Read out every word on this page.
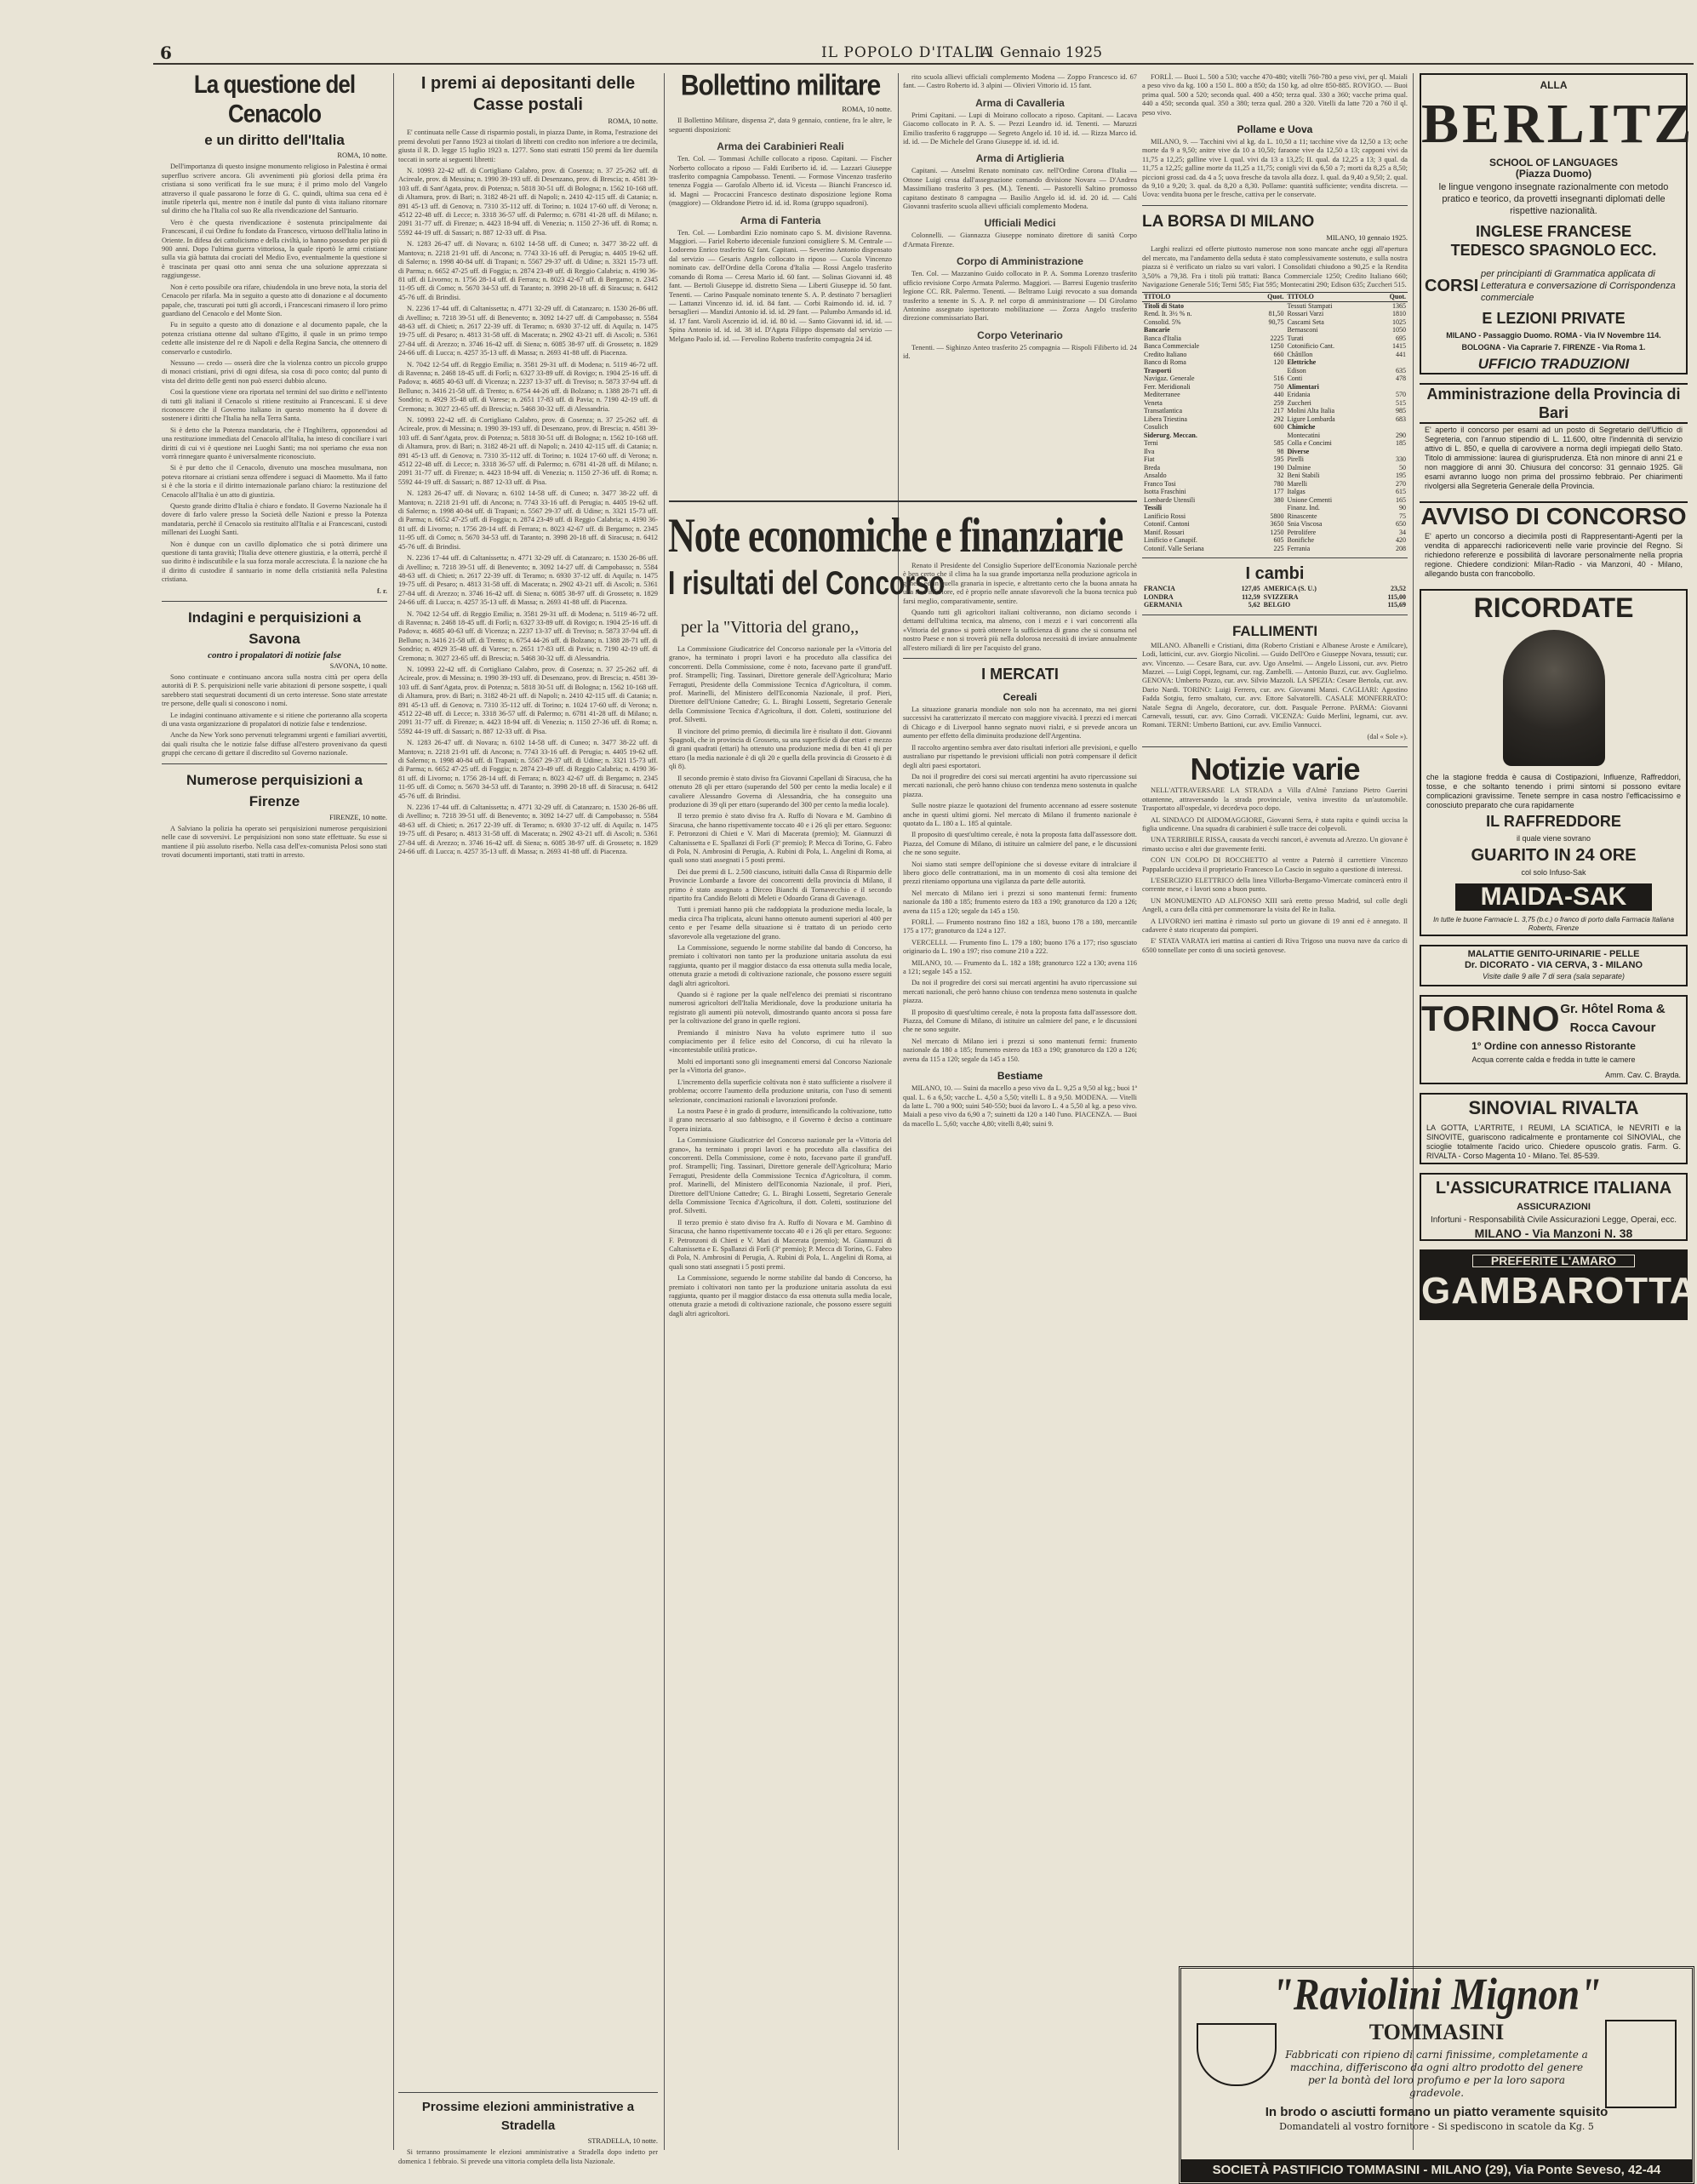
6	IL POPOLO D'ITALIA
11 Gennaio 1925
La questione del Cenacolo
e un diritto dell'Italia
ROMA, 10 notte.

Dell'importanza di questo insigne monumento religioso in Palestina è ormai superfluo scrivere ancora. Gli avvenimenti più gloriosi della prima èra cristiana si sono verificati fra le sue mura; è il primo molo del Vangelo attraverso il quale passarono le forze di G. C. quindi, ultima sua cena ed è inutile ripeterla qui, mentre non è inutile dal punto di vista italiano ritornare sul diritto che ha l'Italia col suo Re alla rivendicazione del Santuario.

Vero è che questa rivendicazione è sostenuta principalmente dai Francescani, il cui Ordine fu fondato da Francesco, virtuoso dell'Italia latino in Oriente. In difesa dei cattolicismo e della civiltà, io hanno posseduto per più di 900 anni. Dopo l'ultima guerra vittoriosa, la quale riportò le armi cristiane sulla via già battuta dai crociati del Medio Evo, eventualmente la questione si è trascinata per quasi otto anni senza che una soluzione apprezzata si raggiungesse.

Non è certo possibile ora rifare, chiudendola in uno breve nota, la storia del Cenacolo per rifarla. Ma in seguito a questo atto di donazione e al documento papale, che, trascurati poi tutti gli accordi, i Francescani rimasero il loro primo guardiano del Cenacolo e del Monte Sion.

Fu in seguito a questo atto di donazione e al documento papale, che la potenza cristiana ottenne dal sultano d'Egitto, il quale in un primo tempo cedette alle insistenze del re di Napoli e della Regina Sancia, che ottennero di conservarlo e custodirlo.

Nessuno — credo — osserà dire che la violenza contro un piccolo gruppo di monaci cristiani, privi di ogni difesa, sia cosa di poco conto; dal punto di vista del diritto delle genti non può esserci dubbio alcuno.

Così la questione viene ora riportata nel termini del suo diritto e nell'intento di tutti gli italiani il Cenacolo si ritiene restituito ai Francescani. E si deve riconoscere che il Governo italiano in questo momento ha il dovere di sostenere i diritti che l'Italia ha nella Terra Santa.

Si è detto che la Potenza mandataria, che è l'Inghilterra, opponendosi ad una restituzione immediata del Cenacolo all'Italia, ha inteso di conciliare i vari diritti di cui vi è questione nei Luoghi Santi; ma noi speriamo che essa non vorrà rinnegare quanto è universalmente riconosciuto.

Si è pur detto che il Cenacolo, divenuto una moschea musulmana, non poteva ritornare ai cristiani senza offendere i seguaci di Maometto. Ma il fatto si è che la storia e il diritto internazionale parlano chiaro: la restituzione del Cenacolo all'Italia è un atto di giustizia.

Questo grande diritto d'Italia è chiaro e fondato. Il Governo Nazionale ha il dovere di farlo valere presso la Società delle Nazioni e presso la Potenza mandataria, perchè il Cenacolo sia restituito all'Italia e ai Francescani, custodi millenari dei Luoghi Santi.

Non è dunque con un cavillo diplomatico che si potrà dirimere una questione di tanta gravità; l'Italia deve ottenere giustizia, e la otterrà, perchè il suo diritto è indiscutibile e la sua forza morale accresciuta. È la nazione che ha il diritto di custodire il santuario in nome della cristianità nella Palestina cristiana.

f. r.
Indagini e perquisizioni a Savona
contro i propalatori di notizie false
SAVONA, 10 notte.

Sono continuate e continuano ancora sulla nostra città per opera della autorità di P. S. perquisizioni nelle varie abitazioni di persone sospette, i quali sarebbero stati sequestrati documenti di un certo interesse. Sono state arrestate tre persone, delle quali si conoscono i nomi.

Le indagini continuano attivamente e si ritiene che porteranno alla scoperta di una vasta organizzazione di propalatori di notizie false e tendenziose.

Anche da New York sono pervenuti telegrammi urgenti e familiari avvertiti, dai quali risulta che le notizie false diffuse all'estero provenivano da questi gruppi che cercano di gettare il discredito sul Governo nazionale.

Numerose perquisizioni a Firenze
FIRENZE, 10 notte.

A Salviano la polizia ha operato sei perquisizioni numerose perquisizioni nelle case di sovversivi. Le perquisizioni non sono state effettuate. Su esse si mantiene il più assoluto riserbo. Nella casa dell'ex-comunista Pelosi sono stati trovati documenti importanti, stati tratti in arresto.

I premi ai depositanti delle Casse postali
ROMA, 10 notte.

E' continuata nelle Casse di risparmio postali, in piazza Dante, in Roma, l'estrazione dei premi devoluti per l'anno 1923 ai titolari di libretti con credito non inferiore a tre decimila, giusta il R. D. legge 15 luglio 1923 n. 1277. Sono stati estratti 150 premi da lire duemila toccati in sorte ai seguenti libretti:

N. 10993 22-42 uff. di Cortigliano Calabro, prov. di Cosenza; n. 37 25-262 uff. di Acireale, prov. di Messina; n. 1990 39-193 uff. di Desenzano, prov. di Brescia; n. 4581 39-103 uff. di Sant'Agata, prov. di Potenza; n. 5818 30-51 uff. di Bologna; n. 1562 10-168 uff. di Altamura, prov. di Bari; n. 3182 48-21 uff. di Napoli; n. 2410 42-115 uff. di Catania; n. 891 45-13 uff. di Genova; n. 7310 35-112 uff. di Torino; n. 1024 17-60 uff. di Verona; n. 4512 22-48 uff. di Lecce; n. 3318 36-57 uff. di Palermo; n. 6781 41-28 uff. di Milano; n. 2091 31-77 uff. di Firenze; n. 4423 18-94 uff. di Venezia; n. 1150 27-36 uff. di Roma; n. 5592 44-19 uff. di Sassari; n. 887 12-33 uff. di Pisa.

N. 1283 26-47 uff. di Novara; n. 6102 14-58 uff. di Cuneo; n. 3477 38-22 uff. di Mantova; n. 2218 21-91 uff. di Ancona; n. 7743 33-16 uff. di Perugia; n. 4405 19-62 uff. di Salerno; n. 1998 40-84 uff. di Trapani; n. 5567 29-37 uff. di Udine; n. 3321 15-73 uff. di Parma; n. 6652 47-25 uff. di Foggia; n. 2874 23-49 uff. di Reggio Calabria; n. 4190 36-81 uff. di Livorno; n. 1756 28-14 uff. di Ferrara; n. 8023 42-67 uff. di Bergamo; n. 2345 11-95 uff. di Como; n. 5670 34-53 uff. di Taranto; n. 3998 20-18 uff. di Siracusa; n. 6412 45-76 uff. di Brindisi.

N. 2236 17-44 uff. di Caltanissetta; n. 4771 32-29 uff. di Catanzaro; n. 1530 26-86 uff. di Avellino; n. 7218 39-51 uff. di Benevento; n. 3092 14-27 uff. di Campobasso; n. 5584 48-63 uff. di Chieti; n. 2617 22-39 uff. di Teramo; n. 6930 37-12 uff. di Aquila; n. 1475 19-75 uff. di Pesaro; n. 4813 31-58 uff. di Macerata; n. 2902 43-21 uff. di Ascoli; n. 5361 27-84 uff. di Arezzo; n. 3746 16-42 uff. di Siena; n. 6085 38-97 uff. di Grosseto; n. 1829 24-66 uff. di Lucca; n. 4257 35-13 uff. di Massa; n. 2693 41-88 uff. di Piacenza.

N. 7042 12-54 uff. di Reggio Emilia; n. 3581 29-31 uff. di Modena; n. 5119 46-72 uff. di Ravenna; n. 2468 18-45 uff. di Forlì; n. 6327 33-89 uff. di Rovigo; n. 1904 25-16 uff. di Padova; n. 4685 40-63 uff. di Vicenza; n. 2237 13-37 uff. di Treviso; n. 5873 37-94 uff. di Belluno; n. 3416 21-58 uff. di Trento; n. 6754 44-26 uff. di Bolzano; n. 1388 28-71 uff. di Sondrio; n. 4929 35-48 uff. di Varese; n. 2651 17-83 uff. di Pavia; n. 7190 42-19 uff. di Cremona; n. 3027 23-65 uff. di Brescia; n. 5468 30-32 uff. di Alessandria.

N. 10993 22-42 uff. di Cortigliano Calabro, prov. di Cosenza; n. 37 25-262 uff. di Acireale, prov. di Messina; n. 1990 39-193 uff. di Desenzano, prov. di Brescia; n. 4581 39-103 uff. di Sant'Agata, prov. di Potenza; n. 5818 30-51 uff. di Bologna; n. 1562 10-168 uff. di Altamura, prov. di Bari; n. 3182 48-21 uff. di Napoli; n. 2410 42-115 uff. di Catania; n. 891 45-13 uff. di Genova; n. 7310 35-112 uff. di Torino; n. 1024 17-60 uff. di Verona; n. 4512 22-48 uff. di Lecce; n. 3318 36-57 uff. di Palermo; n. 6781 41-28 uff. di Milano; n. 2091 31-77 uff. di Firenze; n. 4423 18-94 uff. di Venezia; n. 1150 27-36 uff. di Roma; n. 5592 44-19 uff. di Sassari; n. 887 12-33 uff. di Pisa.

N. 1283 26-47 uff. di Novara; n. 6102 14-58 uff. di Cuneo; n. 3477 38-22 uff. di Mantova; n. 2218 21-91 uff. di Ancona; n. 7743 33-16 uff. di Perugia; n. 4405 19-62 uff. di Salerno; n. 1998 40-84 uff. di Trapani; n. 5567 29-37 uff. di Udine; n. 3321 15-73 uff. di Parma; n. 6652 47-25 uff. di Foggia; n. 2874 23-49 uff. di Reggio Calabria; n. 4190 36-81 uff. di Livorno; n. 1756 28-14 uff. di Ferrara; n. 8023 42-67 uff. di Bergamo; n. 2345 11-95 uff. di Como; n. 5670 34-53 uff. di Taranto; n. 3998 20-18 uff. di Siracusa; n. 6412 45-76 uff. di Brindisi.

N. 2236 17-44 uff. di Caltanissetta; n. 4771 32-29 uff. di Catanzaro; n. 1530 26-86 uff. di Avellino; n. 7218 39-51 uff. di Benevento; n. 3092 14-27 uff. di Campobasso; n. 5584 48-63 uff. di Chieti; n. 2617 22-39 uff. di Teramo; n. 6930 37-12 uff. di Aquila; n. 1475 19-75 uff. di Pesaro; n. 4813 31-58 uff. di Macerata; n. 2902 43-21 uff. di Ascoli; n. 5361 27-84 uff. di Arezzo; n. 3746 16-42 uff. di Siena; n. 6085 38-97 uff. di Grosseto; n. 1829 24-66 uff. di Lucca; n. 4257 35-13 uff. di Massa; n. 2693 41-88 uff. di Piacenza.

N. 7042 12-54 uff. di Reggio Emilia; n. 3581 29-31 uff. di Modena; n. 5119 46-72 uff. di Ravenna; n. 2468 18-45 uff. di Forlì; n. 6327 33-89 uff. di Rovigo; n. 1904 25-16 uff. di Padova; n. 4685 40-63 uff. di Vicenza; n. 2237 13-37 uff. di Treviso; n. 5873 37-94 uff. di Belluno; n. 3416 21-58 uff. di Trento; n. 6754 44-26 uff. di Bolzano; n. 1388 28-71 uff. di Sondrio; n. 4929 35-48 uff. di Varese; n. 2651 17-83 uff. di Pavia; n. 7190 42-19 uff. di Cremona; n. 3027 23-65 uff. di Brescia; n. 5468 30-32 uff. di Alessandria.

N. 10993 22-42 uff. di Cortigliano Calabro, prov. di Cosenza; n. 37 25-262 uff. di Acireale, prov. di Messina; n. 1990 39-193 uff. di Desenzano, prov. di Brescia; n. 4581 39-103 uff. di Sant'Agata, prov. di Potenza; n. 5818 30-51 uff. di Bologna; n. 1562 10-168 uff. di Altamura, prov. di Bari; n. 3182 48-21 uff. di Napoli; n. 2410 42-115 uff. di Catania; n. 891 45-13 uff. di Genova; n. 7310 35-112 uff. di Torino; n. 1024 17-60 uff. di Verona; n. 4512 22-48 uff. di Lecce; n. 3318 36-57 uff. di Palermo; n. 6781 41-28 uff. di Milano; n. 2091 31-77 uff. di Firenze; n. 4423 18-94 uff. di Venezia; n. 1150 27-36 uff. di Roma; n. 5592 44-19 uff. di Sassari; n. 887 12-33 uff. di Pisa.

N. 1283 26-47 uff. di Novara; n. 6102 14-58 uff. di Cuneo; n. 3477 38-22 uff. di Mantova; n. 2218 21-91 uff. di Ancona; n. 7743 33-16 uff. di Perugia; n. 4405 19-62 uff. di Salerno; n. 1998 40-84 uff. di Trapani; n. 5567 29-37 uff. di Udine; n. 3321 15-73 uff. di Parma; n. 6652 47-25 uff. di Foggia; n. 2874 23-49 uff. di Reggio Calabria; n. 4190 36-81 uff. di Livorno; n. 1756 28-14 uff. di Ferrara; n. 8023 42-67 uff. di Bergamo; n. 2345 11-95 uff. di Como; n. 5670 34-53 uff. di Taranto; n. 3998 20-18 uff. di Siracusa; n. 6412 45-76 uff. di Brindisi.

N. 2236 17-44 uff. di Caltanissetta; n. 4771 32-29 uff. di Catanzaro; n. 1530 26-86 uff. di Avellino; n. 7218 39-51 uff. di Benevento; n. 3092 14-27 uff. di Campobasso; n. 5584 48-63 uff. di Chieti; n. 2617 22-39 uff. di Teramo; n. 6930 37-12 uff. di Aquila; n. 1475 19-75 uff. di Pesaro; n. 4813 31-58 uff. di Macerata; n. 2902 43-21 uff. di Ascoli; n. 5361 27-84 uff. di Arezzo; n. 3746 16-42 uff. di Siena; n. 6085 38-97 uff. di Grosseto; n. 1829 24-66 uff. di Lucca; n. 4257 35-13 uff. di Massa; n. 2693 41-88 uff. di Piacenza.

Prossime elezioni amministrative a Stradella
STRADELLA, 10 notte.

Si terranno prossimamente le elezioni amministrative a Stradella dopo indetto per domenica 1 febbraio. Si prevede una vittoria completa della lista Nazionale.

Bollettino militare
ROMA, 10 notte.

Il Bollettino Militare, dispensa 2ª, data 9 gennaio, contiene, fra le altre, le seguenti disposizioni:

Arma dei Carabinieri Reali

Ten. Col. — Tommasi Achille collocato a riposo. Capitani. — Fischer Norberto collocato a riposo — Faldi Euriberto id. id. — Lazzari Giuseppe trasferito compagnia Campobasso. Tenenti. — Formose Vincenzo trasferito tenenza Foggia — Garofalo Alberto id. id. Vicesta — Bianchi Francesco id. id. Magnì — Procaccini Francesco destinato disposizione legione Roma (maggiore) — Oldrandone Pietro id. id. id. Roma (gruppo squadroni).

Arma di Fanteria

Ten. Col. — Lombardini Ezio nominato capo S. M. divisione Ravenna. Maggiori. — Fariel Roberto ideceniale funzioni consigliere S. M. Centrale — Lodoreno Enrico trasferito 62 fant. Capitani. — Severino Antonio dispensato dal servizio — Gesaris Angelo collocato in riposo — Cucola Vincenzo nominato cav. dell'Ordine della Corona d'Italia — Rossi Angelo trasferito comando di Roma — Ceresa Mario id. 60 fant. — Solinas Giovanni id. 48 fant. — Bertoli Giuseppe id. distretto Siena — Liberti Giuseppe id. 50 fant. Tenenti. — Carino Pasquale nominato tenente S. A. P. destinato 7 bersaglieri — Lattanzi Vincenzo id. id. id. 84 fant. — Corbi Raimondo id. id. id. 7 bersaglieri — Mandizi Antonio id. id. id. 29 fant. — Palumbo Armando id. id. id. 17 fant. Varoli Ascenzio id. id. id. 80 id. — Santo Giovanni id. id. id. — Spina Antonio id. id. id. 38 id. D'Agata Filippo dispensato dal servizio — Melgano Paolo id. id. — Fervolino Roberto trasferito compagnia 24 id.

rito scuola allievi ufficiali complemento Modena — Zoppo Francesco id. 67 fant. — Castro Roberto id. 3 alpini — Olivieri Vittorio id. 15 fant.

Arma di Cavalleria

Primi Capitani. — Lupi di Moirano collocato a riposo. Capitani. — Lacava Giacomo collocato in P. A. S. — Pezzi Leandro id. id. Tenenti. — Maruzzi Emilio trasferito 6 raggruppo — Segreto Angelo id. 10 id. id. — Rizza Marco id. id. id. — De Michele del Grano Giuseppe id. id. id. id.

Arma di Artiglieria

Capitani. — Anselmi Renato nominato cav. nell'Ordine Corona d'Italia — Ottone Luigi cessa dall'assegnazione comando divisione Novara — D'Andrea Massimiliano trasferito 3 pes. (M.). Tenenti. — Pastorelli Saltino promosso capitano destinato 8 campagna — Basilio Angelo id. id. id. 20 id. — Caltì Giovanni trasferito scuola allievi ufficiali complemento Modena.

Ufficiali Medici

Colonnelli. — Giannazza Giuseppe nominato direttore di sanità Corpo d'Armata Firenze.

Corpo di Amministrazione

Ten. Col. — Mazzanino Guido collocato in P. A. Somma Lorenzo trasferito ufficio revisione Corpo Armata Palermo. Maggiori. — Barresi Eugenio trasferito legione CC. RR. Palermo. Tenenti. — Beltramo Luigi revocato a sua domanda trasferito a tenente in S. A. P. nel corpo di amministrazione — DI Girolamo Antonino assegnato ispettorato mobilitazione — Zorza Angelo trasferito direzione commissariato Bari.

Corpo Veterinario

Tenenti. — Sighinzo Anteo trasferito 25 compagnia — Rispoli Filiberto id. 24 id.

Note economiche e finanziarie
I risultati del Concorso
per la "Vittoria del grano,,

La Commissione Giudicatrice del Concorso nazionale per la «Vittoria del grano», ha terminato i propri lavori e ha proceduto alla classifica dei concorrenti. Della Commissione, come è noto, facevano parte il grand'uff. prof. Strampelli; l'ing. Tassinari, Direttore generale dell'Agricoltura; Mario Ferraguti, Presidente della Commissione Tecnica d'Agricoltura, il comm. prof. Marinelli, del Ministero dell'Economia Nazionale, il prof. Pieri, Direttore dell'Unione Cattedre; G. L. Biraghi Lossetti, Segretario Generale della Commissione Tecnica d'Agricoltura, il dott. Coletti, sostituzione del prof. Silvetti.

Il vincitore del primo premio, di diecimila lire è risultato il dott. Giovanni Spagnoli, che in provincia di Grosseto, su una superficie di due ettari e mezzo di grani quadrati (ettari) ha ottenuto una produzione media di ben 41 qli per ettaro (la media nazionale è di qli 20 e quella della provincia di Grosseto è di qli 8).

Il secondo premio è stato diviso fra Giovanni Capellani di Siracusa, che ha ottenuto 28 qli per ettaro (superando del 500 per cento la media locale) e il cavaliere Alessandro Governa di Alessandria, che ha conseguito una produzione di 39 qli per ettaro (superando del 300 per cento la media locale).

Il terzo premio è stato diviso fra A. Ruffo di Novara e M. Gambino di Siracusa, che hanno rispettivamente toccato 40 e i 26 qli per ettaro. Seguono: F. Petronzoni di Chieti e V. Mari di Macerata (premio); M. Giannuzzi di Caltanissetta e E. Spallanzi di Forlì (3º premio); P. Mecca di Torino, G. Fabro di Pola, N. Ambrosini di Perugia, A. Rubini di Pola, L. Angelini di Roma, ai quali sono stati assegnati i 5 posti premi.

Dei due premi di L. 2.500 ciascuno, istituiti dalla Cassa di Risparmio delle Provincie Lombarde a favore dei concorrenti della provincia di Milano, il primo è stato assegnato a Dirceo Bianchi di Tornavecchio e il secondo ripartito fra Candido Belotti di Meleti e Odoardo Grana di Gavenago.

Tutti i premiati hanno più che raddoppiata la produzione media locale, la media circa l'ha triplicata, alcuni hanno ottenuto aumenti superiori al 400 per cento e per l'esame della situazione si è trattato di un periodo certo sfavorevole alla vegetazione del grano.

La Commissione, seguendo le norme stabilite dal bando di Concorso, ha premiato i coltivatori non tanto per la produzione unitaria assoluta da essi raggiunta, quanto per il maggior distacco da essa ottenuta sulla media locale, ottenuta grazie a metodi di coltivazione razionale, che possono essere seguiti dagli altri agricoltori.

Quando si è ragione per la quale nell'elenco dei premiati si riscontrano numerosi agricoltori dell'Italia Meridionale, dove la produzione unitaria ha registrato gli aumenti più notevoli, dimostrando quanto ancora si possa fare per la coltivazione del grano in quelle regioni.

Premiando il ministro Nava ha voluto esprimere tutto il suo compiacimento per il felice esito del Concorso, di cui ha rilevato la «incontestabile utilità pratica».

Molti ed importanti sono gli insegnamenti emersi dal Concorso Nazionale per la «Vittoria del grano».

L'incremento della superficie coltivata non è stato sufficiente a risolvere il problema; occorre l'aumento della produzione unitaria, con l'uso di sementi selezionate, concimazioni razionali e lavorazioni profonde.

La nostra Paese è in grado di produrre, intensificando la coltivazione, tutto il grano necessario al suo fabbisogno, e il Governo è deciso a continuare l'opera iniziata.

La Commissione Giudicatrice del Concorso nazionale per la «Vittoria del grano», ha terminato i propri lavori e ha proceduto alla classifica dei concorrenti. Della Commissione, come è noto, facevano parte il grand'uff. prof. Strampelli; l'ing. Tassinari, Direttore generale dell'Agricoltura; Mario Ferraguti, Presidente della Commissione Tecnica d'Agricoltura, il comm. prof. Marinelli, del Ministero dell'Economia Nazionale, il prof. Pieri, Direttore dell'Unione Cattedre; G. L. Biraghi Lossetti, Segretario Generale della Commissione Tecnica d'Agricoltura, il dott. Coletti, sostituzione del prof. Silvetti.

Il terzo premio è stato diviso fra A. Ruffo di Novara e M. Gambino di Siracusa, che hanno rispettivamente toccato 40 e i 26 qli per ettaro. Seguono: F. Petronzoni di Chieti e V. Mari di Macerata (premio); M. Giannuzzi di Caltanissetta e E. Spallanzi di Forlì (3º premio); P. Mecca di Torino, G. Fabro di Pola, N. Ambrosini di Perugia, A. Rubini di Pola, L. Angelini di Roma, ai quali sono stati assegnati i 5 posti premi.

La Commissione, seguendo le norme stabilite dal bando di Concorso, ha premiato i coltivatori non tanto per la produzione unitaria assoluta da essi raggiunta, quanto per il maggior distacco da essa ottenuta sulla media locale, ottenuta grazie a metodi di coltivazione razionale, che possono essere seguiti dagli altri agricoltori.

Renato il Presidente del Consiglio Superiore dell'Economia Nazionale perchè è ben certo che il clima ha la sua grande importanza nella produzione agricola in genere ed in quella granaria in ispecie, e altrettanto certo che la buona annata ha una non inferiore, ed è proprio nelle annate sfavorevoli che la buona tecnica può farsi meglio, comparativamente, sentire.

Quando tutti gli agricoltori italiani coltiveranno, non diciamo secondo i dettami dell'ultima tecnica, ma almeno, con i mezzi e i vari concorrenti alla «Vittoria del grano» si potrà ottenere la sufficienza di grano che si consuma nel nostro Paese e non si troverà più nella dolorosa necessità di inviare annualmente all'estero miliardi di lire per l'acquisto del grano.

I MERCATI
Cereali

La situazione granaria mondiale non solo non ha accennato, ma nei giorni successivi ha caratterizzato il mercato con maggiore vivacità. I prezzi ed i mercati di Chicago e di Liverpool hanno segnato nuovi rialzi, e si prevede ancora un aumento per effetto della diminuita produzione dell'Argentina.

Il raccolto argentino sembra aver dato risultati inferiori alle previsioni, e quello australiano pur rispettando le previsioni ufficiali non potrà compensare il deficit degli altri paesi esportatori.

Da noi il progredire dei corsi sui mercati argentini ha avuto ripercussione sui mercati nazionali, che però hanno chiuso con tendenza meno sostenuta in qualche piazza.

Sulle nostre piazze le quotazioni del frumento accennano ad essere sostenute anche in questi ultimi giorni. Nel mercato di Milano il frumento nazionale è quotato da L. 180 a L. 185 al quintale.

Il proposito di quest'ultimo cereale, è nota la proposta fatta dall'assessore dott. Piazza, del Comune di Milano, di istituire un calmiere del pane, e le discussioni che ne sono seguite.

Noi siamo stati sempre dell'opinione che si dovesse evitare di intralciare il libero gioco delle contrattazioni, ma in un momento di così alta tensione dei prezzi riteniamo opportuna una vigilanza da parte delle autorità.

Nel mercato di Milano ieri i prezzi si sono mantenuti fermi: frumento nazionale da 180 a 185; frumento estero da 183 a 190; granoturco da 120 a 126; avena da 115 a 120; segale da 145 a 150.

FORLÌ. — Frumento nostrano fino 182 a 183, buono 178 a 180, mercantile 175 a 177; granoturco da 124 a 127.

VERCELLI. — Frumento fino L. 179 a 180; buono 176 a 177; riso sgusciato originario da L. 190 a 197; riso comune 210 a 222.

MILANO, 10. — Frumento da L. 182 a 188; granoturco 122 a 130; avena 116 a 121; segale 145 a 152.

Da noi il progredire dei corsi sui mercati argentini ha avuto ripercussione sui mercati nazionali, che però hanno chiuso con tendenza meno sostenuta in qualche piazza.

Il proposito di quest'ultimo cereale, è nota la proposta fatta dall'assessore dott. Piazza, del Comune di Milano, di istituire un calmiere del pane, e le discussioni che ne sono seguite.

Nel mercato di Milano ieri i prezzi si sono mantenuti fermi: frumento nazionale da 180 a 185; frumento estero da 183 a 190; granoturco da 120 a 126; avena da 115 a 120; segale da 145 a 150.

Bestiame

MILANO, 10. — Suini da macello a peso vivo da L. 9,25 a 9,50 al kg.; buoi 1ª qual. L. 6 a 6,50; vacche L. 4,50 a 5,50; vitelli L. 8 a 9,50. MODENA. — Vitelli da latte L. 700 a 900; suini 540-550; buoi da lavoro L. 4 a 5,50 al kg. a peso vivo. Maiali a peso vivo da 6,90 a 7; suinetti da 120 a 140 l'uno. PIACENZA. — Buoi da macello L. 5,60; vacche 4,80; vitelli 8,40; suini 9.

FORLÌ. — Buoi L. 500 a 530; vacche 470-480; vitelli 760-780 a peso vivi, per ql. Maiali a peso vivo da kg. 100 a 150 L. 800 a 850; da 150 kg. ad oltre 850-885. ROVIGO. — Buoi prima qual. 500 a 520; seconda qual. 400 a 450; terza qual. 330 a 360; vacche prima qual. 440 a 450; seconda qual. 350 a 380; terza qual. 280 a 320. Vitelli da latte 720 a 760 il ql. peso vivo.

Pollame e Uova

MILANO, 9. — Tacchini vivi al kg. da L. 10,50 a 11; tacchine vive da 12,50 a 13; oche morte da 9 a 9,50; anitre vive da 10 a 10,50; faraone vive da 12,50 a 13; capponi vivi da 11,75 a 12,25; galline vive I. qual. vivi da 13 a 13,25; II. qual. da 12,25 a 13; 3 qual. da 11,75 a 12,25; galline morte da 11,25 a 11,75; conigli vivi da 6,50 a 7; morti da 8,25 a 8,50; piccioni grossi cad. da 4 a 5; uova fresche da tavola alla dozz. I. qual. da 9,40 a 9,50; 2. qual. da 9,10 a 9,20; 3. qual. da 8,20 a 8,30. Pollame: quantità sufficiente; vendita discreta. — Uova: vendita buona per le fresche, cattiva per le conservate.

LA BORSA DI MILANO
MILANO, 10 gennaio 1925.

Larghi realizzi ed offerte piuttosto numerose non sono mancate anche oggi all'apertura del mercato, ma l'andamento della seduta è stato complessivamente sostenuto, e sulla nostra piazza si è verificato un rialzo su vari valori. I Consolidati chiudono a 90,25 e la Rendita 3,50% a 79,38. Fra i titoli più trattati: Banca Commerciale 1250; Credito Italiano 660; Navigazione Generale 516; Terni 585; Fiat 595; Montecatini 290; Edison 635; Zuccheri 515.

TITOLO	Quot.	TITOLO	Quot.
Titoli di Stato		Tessuti Stampati	1365
Rend. It. 3½ % n.	81,50	Rossari Varzi	1810
Consolid. 5%	90,75	Cascami Seta	1025
Bancarie		Bernasconi	1050
Banca d'Italia	2225	Turati	695
Banca Commerciale	1250	Cotonificio Cant.	1415
Credito Italiano	660	Châtillon	441
Banco di Roma	120	Elettriche	
Trasporti		Edison	635
Navigaz. Generale	516	Conti	478
Ferr. Meridionali	750	Alimentari	
Mediterranee	440	Eridania	570
Veneta	259	Zuccheri	515
Transatlantica	217	Molini Alta Italia	985
Libera Triestina	292	Ligure Lombarda	683
Cosulich	600	Chimiche	
Siderurg. Meccan.		Montecatini	290
Terni	585	Colla e Concimi	185
Ilva	98	Diverse	
Fiat	595	Pirelli	330
Breda	190	Dalmine	50
Ansaldo	32	Beni Stabili	195
Franco Tosi	780	Marelli	270
Isotta Fraschini	177	Italgas	615
Lombarde Utensili	380	Unione Cementi	165
Tessili		Finanz. Ind.	90
Lanificio Rossi	5800	Rinascente	75
Cotonif. Cantoni	3650	Snia Viscosa	650
Manif. Rossari	1250	Petrolifere	34
Linificio e Canapif.	605	Bonifiche	420
Cotonif. Valle Seriana	225	Ferrania	208
I cambi
FRANCIA	127,05	AMERICA (S. U.)	23,52
LONDRA	112,59	SVIZZERA	115,00
GERMANIA	5,62	BELGIO	115,69
FALLIMENTI

MILANO. Albanelli e Cristiani, ditta (Roberto Cristiani e Albanese Aroste e Amilcare), Lodi, latticini, cur. avv. Giorgio Nicolini. — Guido Dell'Oro e Giuseppe Novara, tessuti; cur. avv. Vincenzo. — Cesare Bara, cur. avv. Ugo Anselmi. — Angelo Lissoni, cur. avv. Pietro Mazzei. — Luigi Coppi, legnami, cur. rag. Zambelli. — Antonio Buzzi, cur. avv. Guglielmo. GENOVA: Umberto Pozzo, cur. avv. Silvio Mazzoli. LA SPEZIA: Cesare Bertola, cur. avv. Dario Nardi. TORINO: Luigi Ferrero, cur. avv. Giovanni Manzi. CAGLIARI: Agostino Fadda Sotgiu, ferro smaltato, cur. avv. Ettore Salvatorelli. CASALE MONFERRATO: Natale Segna di Angelo, decoratore, cur. dott. Pasquale Perrone. PARMA: Giovanni Carnevali, tessuti, cur. avv. Gino Corradi. VICENZA: Guido Merlini, legnami, cur. avv. Romani. TERNI: Umberto Battioni, cur. avv. Emilio Vannucci.

(dal « Sole »).
Notizie varie

NELL'ATTRAVERSARE LA STRADA a Villa d'Almè l'anziano Pietro Guerini ottantenne, attraversando la strada provinciale, veniva investito da un'automobile. Trasportato all'ospedale, vi decedeva poco dopo.

AL SINDACO DI AIDOMAGGIORE, Giovanni Serra, è stata rapita e quindi uccisa la figlia undicenne. Una squadra di carabinieri è sulle tracce dei colpevoli.

UNA TERRIBILE RISSA, causata da vecchi rancori, è avvenuta ad Arezzo. Un giovane è rimasto ucciso e altri due gravemente feriti.

CON UN COLPO DI ROCCHETTO al ventre a Paternò il carrettiere Vincenzo Pappalardo uccideva il proprietario Francesco Lo Cascio in seguito a questione di interessi.

L'ESERCIZIO ELETTRICO della linea Villorba-Bergamo-Vimercate comincerà entro il corrente mese, e i lavori sono a buon punto.

UN MONUMENTO AD ALFONSO XIII sarà eretto presso Madrid, sul colle degli Angeli, a cura della città per commemorare la visita del Re in Italia.

A LIVORNO ieri mattina è rimasto sul porto un giovane di 19 anni ed è annegato. Il cadavere è stato ricuperato dai pompieri.

E' STATA VARATA ieri mattina ai cantieri di Riva Trigoso una nuova nave da carico di 6500 tonnellate per conto di una società genovese.

ALLA
BERLITZ
SCHOOL OF LANGUAGES
(Piazza Duomo)
le lingue vengono insegnate razionalmente con metodo pratico e teorico, da provetti insegnanti diplomati delle rispettive nazionalità.
INGLESE FRANCESE TEDESCO SPAGNOLO ECC.
CORSI
per principianti di Grammatica applicata di Letteratura e conversazione di Corrispondenza commerciale
E LEZIONI PRIVATE
MILANO - Passaggio Duomo. ROMA - Via IV Novembre 114. BOLOGNA - Via Caprarie 7. FIRENZE - Via Roma 1.
UFFICIO TRADUZIONI
Amministrazione della Provincia di Bari
E' aperto il concorso per esami ad un posto di Segretario dell'Ufficio di Segreteria, con l'annuo stipendio di L. 11.600, oltre l'indennità di servizio attivo di L. 850, e quella di carovivere a norma degli impiegati dello Stato. Titolo di ammissione: laurea di giurisprudenza. Età non minore di anni 21 e non maggiore di anni 30. Chiusura del concorso: 31 gennaio 1925. Gli esami avranno luogo non prima del prossimo febbraio. Per chiarimenti rivolgersi alla Segreteria Generale della Provincia.
AVVISO DI CONCORSO
E' aperto un concorso a diecimila posti di Rappresentanti-Agenti per la vendita di apparecchi radioriceventi nelle varie provincie del Regno. Si richiedono referenze e possibilità di lavorare personalmente nella propria regione. Chiedere condizioni: Milan-Radio - via Manzoni, 40 - Milano, allegando busta con francobollo.
RICORDATE
che la stagione fredda è causa di Costipazioni, Influenze, Raffreddori, tosse, e che soltanto tenendo i primi sintomi si possono evitare complicazioni gravissime. Tenete sempre in casa nostro l'efficacissimo e conosciuto preparato che cura rapidamente
IL RAFFREDDORE
il quale viene sovrano
GUARITO IN 24 ORE
col solo Infuso-Sak
MAIDA-SAK
In tutte le buone Farmacie L. 3,75 (b.c.) o franco di porto dalla Farmacia Italiana Roberts, Firenze
MALATTIE GENITO-URINARIE - PELLE
Dr. DICORATO - VIA CERVA, 3 - MILANO
Visite dalle 9 alle 7 di sera (sala separate)
TORINO Gr. Hôtel Roma & Rocca Cavour
1° Ordine con annesso Ristorante
Acqua corrente calda e fredda in tutte le camere
Amm. Cav. C. Brayda.
SINOVIAL RIVALTA
LA GOTTA, L'ARTRITE, I REUMI, LA SCIATICA, le NEVRITI e la SINOVITE, guariscono radicalmente e prontamente col SINOVIAL, che scioglie totalmente l'acido urico. Chiedere opuscolo gratis. Farm. G. RIVALTA - Corso Magenta 10 - Milano. Tel. 85-539.
L'ASSICURATRICE ITALIANA
ASSICURAZIONI
Infortuni - Responsabilità Civile Assicurazioni Legge, Operai, ecc.
MILANO - Via Manzoni N. 38
PREFERITE L'AMARO
GAMBAROTTA
"Raviolini Mignon"
TOMMASINI
Fabbricati con ripieno di carni finissime, completamente a macchina, differiscono da ogni altro prodotto del genere per la bontà del loro profumo e per la loro sapora gradevole.
In brodo o asciutti formano un piatto veramente squisito
Domandateli al vostro fornitore - Si spediscono in scatole da Kg. 5
SOCIETÀ PASTIFICIO TOMMASINI - MILANO (29), Via Ponte Seveso, 42-44
